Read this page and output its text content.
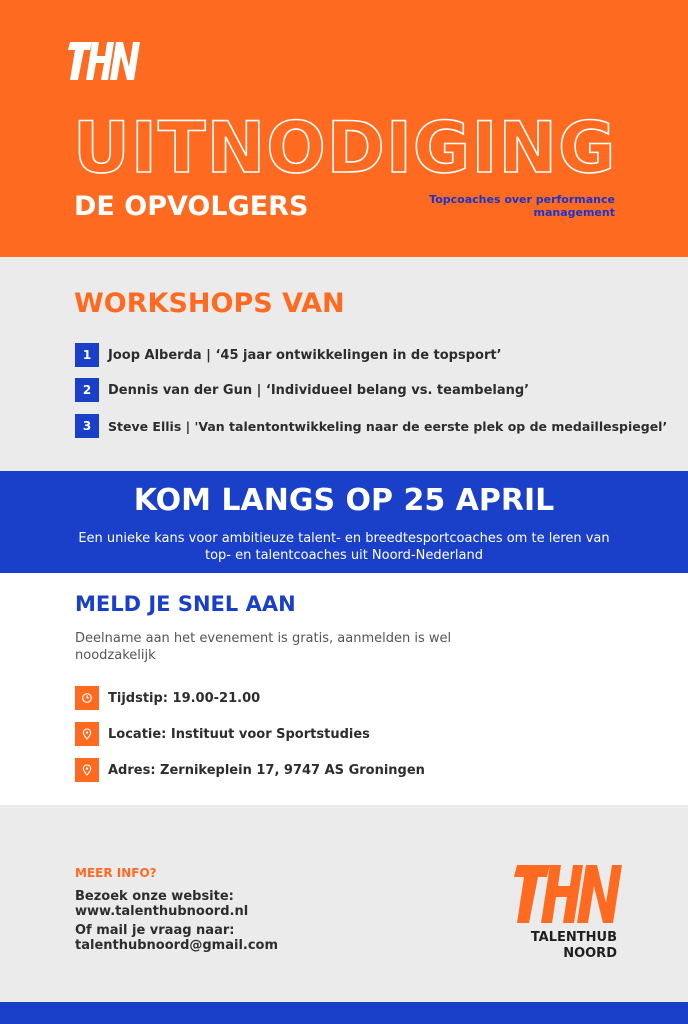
UITNODIGING
DE OPVOLGERS	Topcoaches over performance management
WORKSHOPS VAN
1	Joop Alberda | ‘45 jaar ontwikkelingen in de topsport’
2	Dennis van der Gun | ‘Individueel belang vs. teambelang’
3	Steve Ellis | 'Van talentontwikkeling naar de eerste plek op de medaillespiegel’
KOM LANGS OP 25 APRIL
Een unieke kans voor ambitieuze talent- en breedtesportcoaches om te leren van top- en talentcoaches uit Noord-Nederland
MELD JE SNEL AAN
Deelname aan het evenement is gratis, aanmelden is wel noodzakelijk
Tijdstip: 19.00-21.00
Locatie: Instituut voor Sportstudies
Adres: Zernikeplein 17, 9747 AS Groningen
MEER INFO?
Bezoek onze website:
www.talenthubnoord.nl
Of mail je vraag naar:
talenthubnoord@gmail.com
TALENTHUB
NOORD
